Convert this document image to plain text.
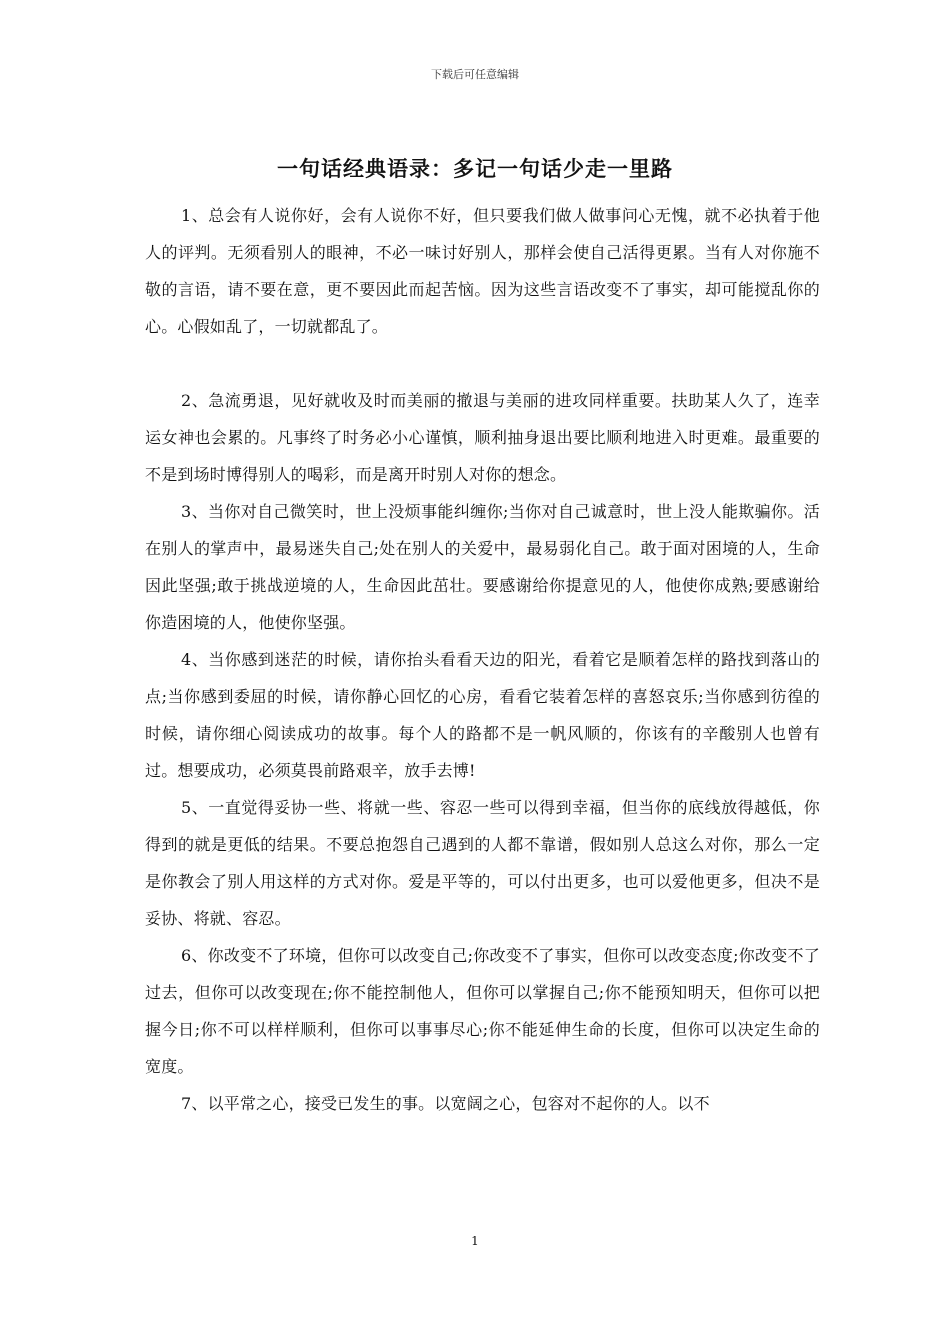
下载后可任意编辑
一句话经典语录：多记一句话少走一里路

1、总会有人说你好，会有人说你不好，但只要我们做人做事问心无愧，就不必执着于他人的评判。无须看别人的眼神，不必一味讨好别人，那样会使自己活得更累。当有人对你施不敬的言语，请不要在意，更不要因此而起苦恼。因为这些言语改变不了事实，却可能搅乱你的心。心假如乱了，一切就都乱了。

2、急流勇退，见好就收及时而美丽的撤退与美丽的进攻同样重要。扶助某人久了，连幸运女神也会累的。凡事终了时务必小心谨慎，顺利抽身退出要比顺利地进入时更难。最重要的不是到场时博得别人的喝彩，而是离开时别人对你的想念。

3、当你对自己微笑时，世上没烦事能纠缠你;当你对自己诚意时，世上没人能欺骗你。活在别人的掌声中，最易迷失自己;处在别人的关爱中，最易弱化自己。敢于面对困境的人，生命因此坚强;敢于挑战逆境的人，生命因此茁壮。要感谢给你提意见的人，他使你成熟;要感谢给你造困境的人，他使你坚强。

4、当你感到迷茫的时候，请你抬头看看天边的阳光，看着它是顺着怎样的路找到落山的点;当你感到委屈的时候，请你静心回忆的心房，看看它装着怎样的喜怒哀乐;当你感到彷徨的时候，请你细心阅读成功的故事。每个人的路都不是一帆风顺的，你该有的辛酸别人也曾有过。想要成功，必须莫畏前路艰辛，放手去博!

5、一直觉得妥协一些、将就一些、容忍一些可以得到幸福，但当你的底线放得越低，你得到的就是更低的结果。不要总抱怨自己遇到的人都不靠谱，假如别人总这么对你，那么一定是你教会了别人用这样的方式对你。爱是平等的，可以付出更多，也可以爱他更多，但决不是妥协、将就、容忍。

6、你改变不了环境，但你可以改变自己;你改变不了事实，但你可以改变态度;你改变不了过去，但你可以改变现在;你不能控制他人，但你可以掌握自己;你不能预知明天，但你可以把握今日;你不可以样样顺利，但你可以事事尽心;你不能延伸生命的长度，但你可以决定生命的宽度。

7、以平常之心，接受已发生的事。以宽阔之心，包容对不起你的人。以不

1
